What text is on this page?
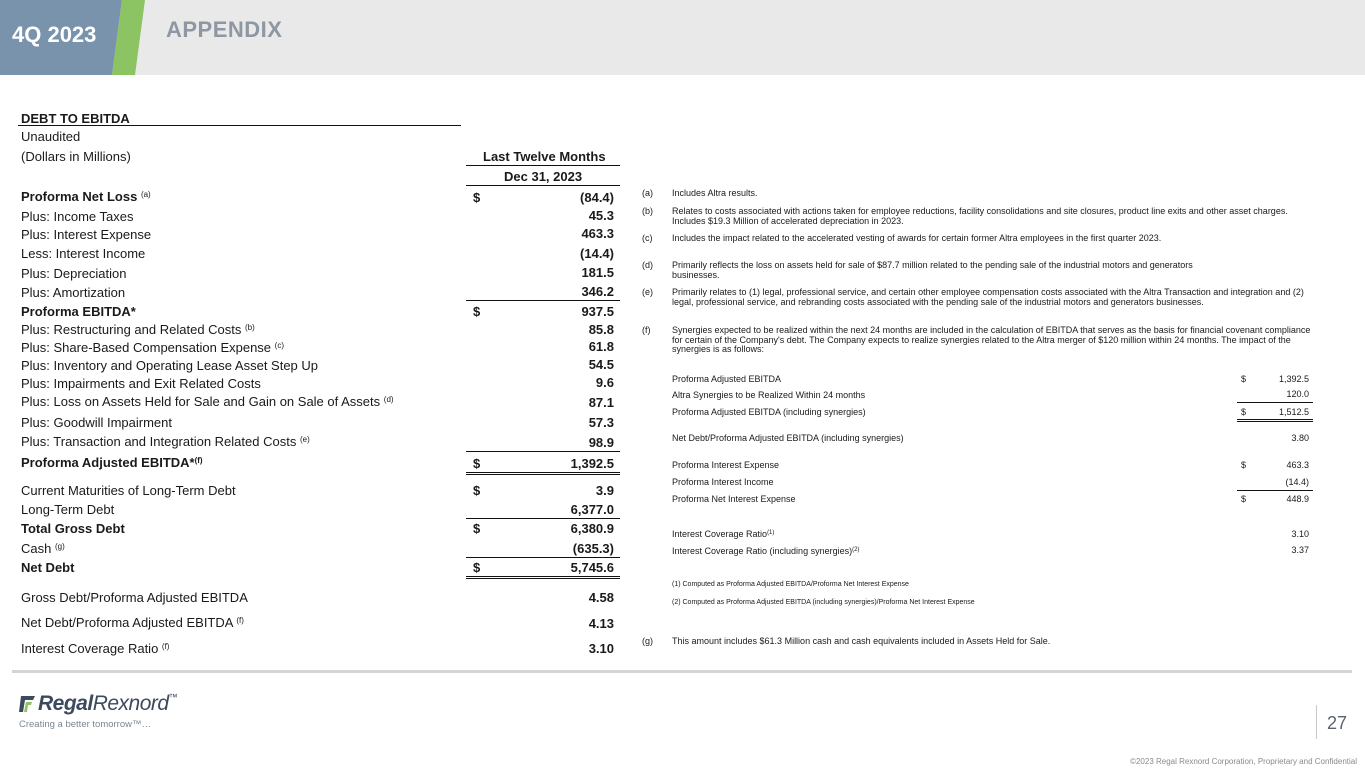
4Q 2023	APPENDIX
DEBT TO EBITDA
Unaudited
(Dollars in Millions)	Last Twelve Months
Dec 31, 2023
Proforma Net Loss $^{(a)}$	$	(84.4)
Plus: Income Taxes	45.3
Plus: Interest Expense	463.3
Less: Interest Income	(14.4)
Plus: Depreciation	181.5
Plus: Amortization	346.2
Proforma EBITDA*	$	937.5
Plus: Restructuring and Related Costs $^{(b)}$	85.8
Plus: Share-Based Compensation Expense $^{(c)}$	61.8
Plus: Inventory and Operating Lease Asset Step Up	54.5
Plus: Impairments and Exit Related Costs	9.6
Plus: Loss on Assets Held for Sale and Gain on Sale of Assets $^{(d)}$	87.1
Plus: Goodwill Impairment	57.3
Plus: Transaction and Integration Related Costs $^{(e)}$	98.9
Proforma Adjusted EBITDA*$^{(f)}$	$	1,392.5
Current Maturities of Long-Term Debt	$	3.9
Long-Term Debt	6,377.0
Total Gross Debt	$	6,380.9
Cash $^{(g)}$	(635.3)
Net Debt	$	5,745.6
Gross Debt/Proforma Adjusted EBITDA	4.58
Net Debt/Proforma Adjusted EBITDA $^{(f)}$	4.13
Interest Coverage Ratio $^{(f)}$	3.10
(a) Includes Altra results.
(b) Relates to costs associated with actions taken for employee reductions, facility consolidations and site closures, product line exits and other asset charges. Includes $19.3 Million of accelerated depreciation in 2023.
(c) Includes the impact related to the accelerated vesting of awards for certain former Altra employees in the first quarter 2023.
(d) Primarily reflects the loss on assets held for sale of $87.7 million related to the pending sale of the industrial motors and generators businesses.
(e) Primarily relates to (1) legal, professional service, and certain other employee compensation costs associated with the Altra Transaction and integration and (2) legal, professional service, and rebranding costs associated with the pending sale of the industrial motors and generators businesses.
(f) Synergies expected to be realized within the next 24 months are included in the calculation of EBITDA that serves as the basis for financial covenant compliance for certain of the Company's debt. The Company expects to realize synergies related to the Altra merger of $120 million within 24 months. The impact of the synergies is as follows:
Proforma Adjusted EBITDA	$	1,392.5
Altra Synergies to be Realized Within 24 months	120.0
Proforma Adjusted EBITDA (including synergies)	$	1,512.5
Net Debt/Proforma Adjusted EBITDA (including synergies)	3.80
Proforma Interest Expense	$	463.3
Proforma Interest Income	(14.4)
Proforma Net Interest Expense	$	448.9
Interest Coverage Ratio$^{(1)}$	3.10
Interest Coverage Ratio (including synergies)$^{(2)}$	3.37
(1) Computed as Proforma Adjusted EBITDA/Proforma Net Interest Expense
(2) Computed as Proforma Adjusted EBITDA (including synergies)/Proforma Net Interest Expense
(g) This amount includes $61.3 Million cash and cash equivalents included in Assets Held for Sale.
RegalRexnord™
Creating a better tomorrow™…	27
©2023 Regal Rexnord Corporation, Proprietary and Confidential
